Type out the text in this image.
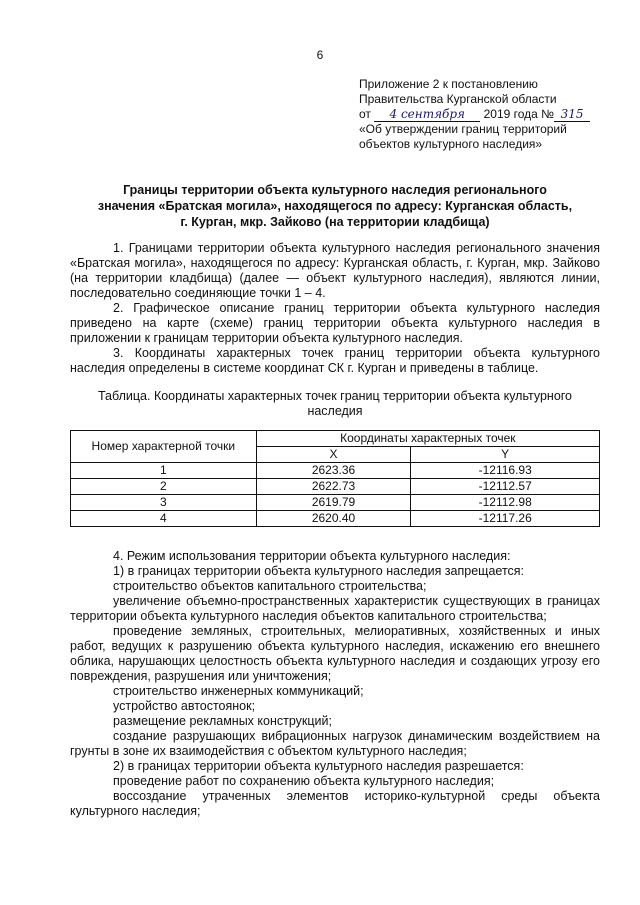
6
Приложение 2 к постановлению
Правительства Курганской области
от 4 сентября 2019 года № 315
«Об утверждении границ территорий
объектов культурного наследия»
Границы территории объекта культурного наследия регионального
значения «Братская могила», находящегося по адресу: Курганская область,
г. Курган, мкр. Зайково (на территории кладбища)

1. Границами территории объекта культурного наследия регионального значения «Братская могила», находящегося по адресу: Курганская область, г. Курган, мкр. Зайково (на территории кладбища) (далее — объект культурного наследия), являются линии, последовательно соединяющие точки 1 – 4.

2. Графическое описание границ территории объекта культурного наследия приведено на карте (схеме) границ территории объекта культурного наследия в приложении к границам территории объекта культурного наследия.

3. Координаты характерных точек границ территории объекта культурного наследия определены в системе координат СК г. Курган и приведены в таблице.

Таблица. Координаты характерных точек границ территории объекта культурного
наследия
Номер характерной точки	Координаты характерных точек	
	X	Y
1	2623.36	-12116.93
2	2622.73	-12112.57
3	2619.79	-12112.98
4	2620.40	-12117.26

4. Режим использования территории объекта культурного наследия:

1) в границах территории объекта культурного наследия запрещается:

строительство объектов капитального строительства;

увеличение объемно-пространственных характеристик существующих в границах территории объекта культурного наследия объектов капитального строительства;

проведение земляных, строительных, мелиоративных, хозяйственных и иных работ, ведущих к разрушению объекта культурного наследия, искажению его внешнего облика, нарушающих целостность объекта культурного наследия и создающих угрозу его повреждения, разрушения или уничтожения;

строительство инженерных коммуникаций;

устройство автостоянок;

размещение рекламных конструкций;

создание разрушающих вибрационных нагрузок динамическим воздействием на грунты в зоне их взаимодействия с объектом культурного наследия;

2) в границах территории объекта культурного наследия разрешается:

проведение работ по сохранению объекта культурного наследия;

воссоздание утраченных элементов историко-культурной среды объекта культурного наследия;
